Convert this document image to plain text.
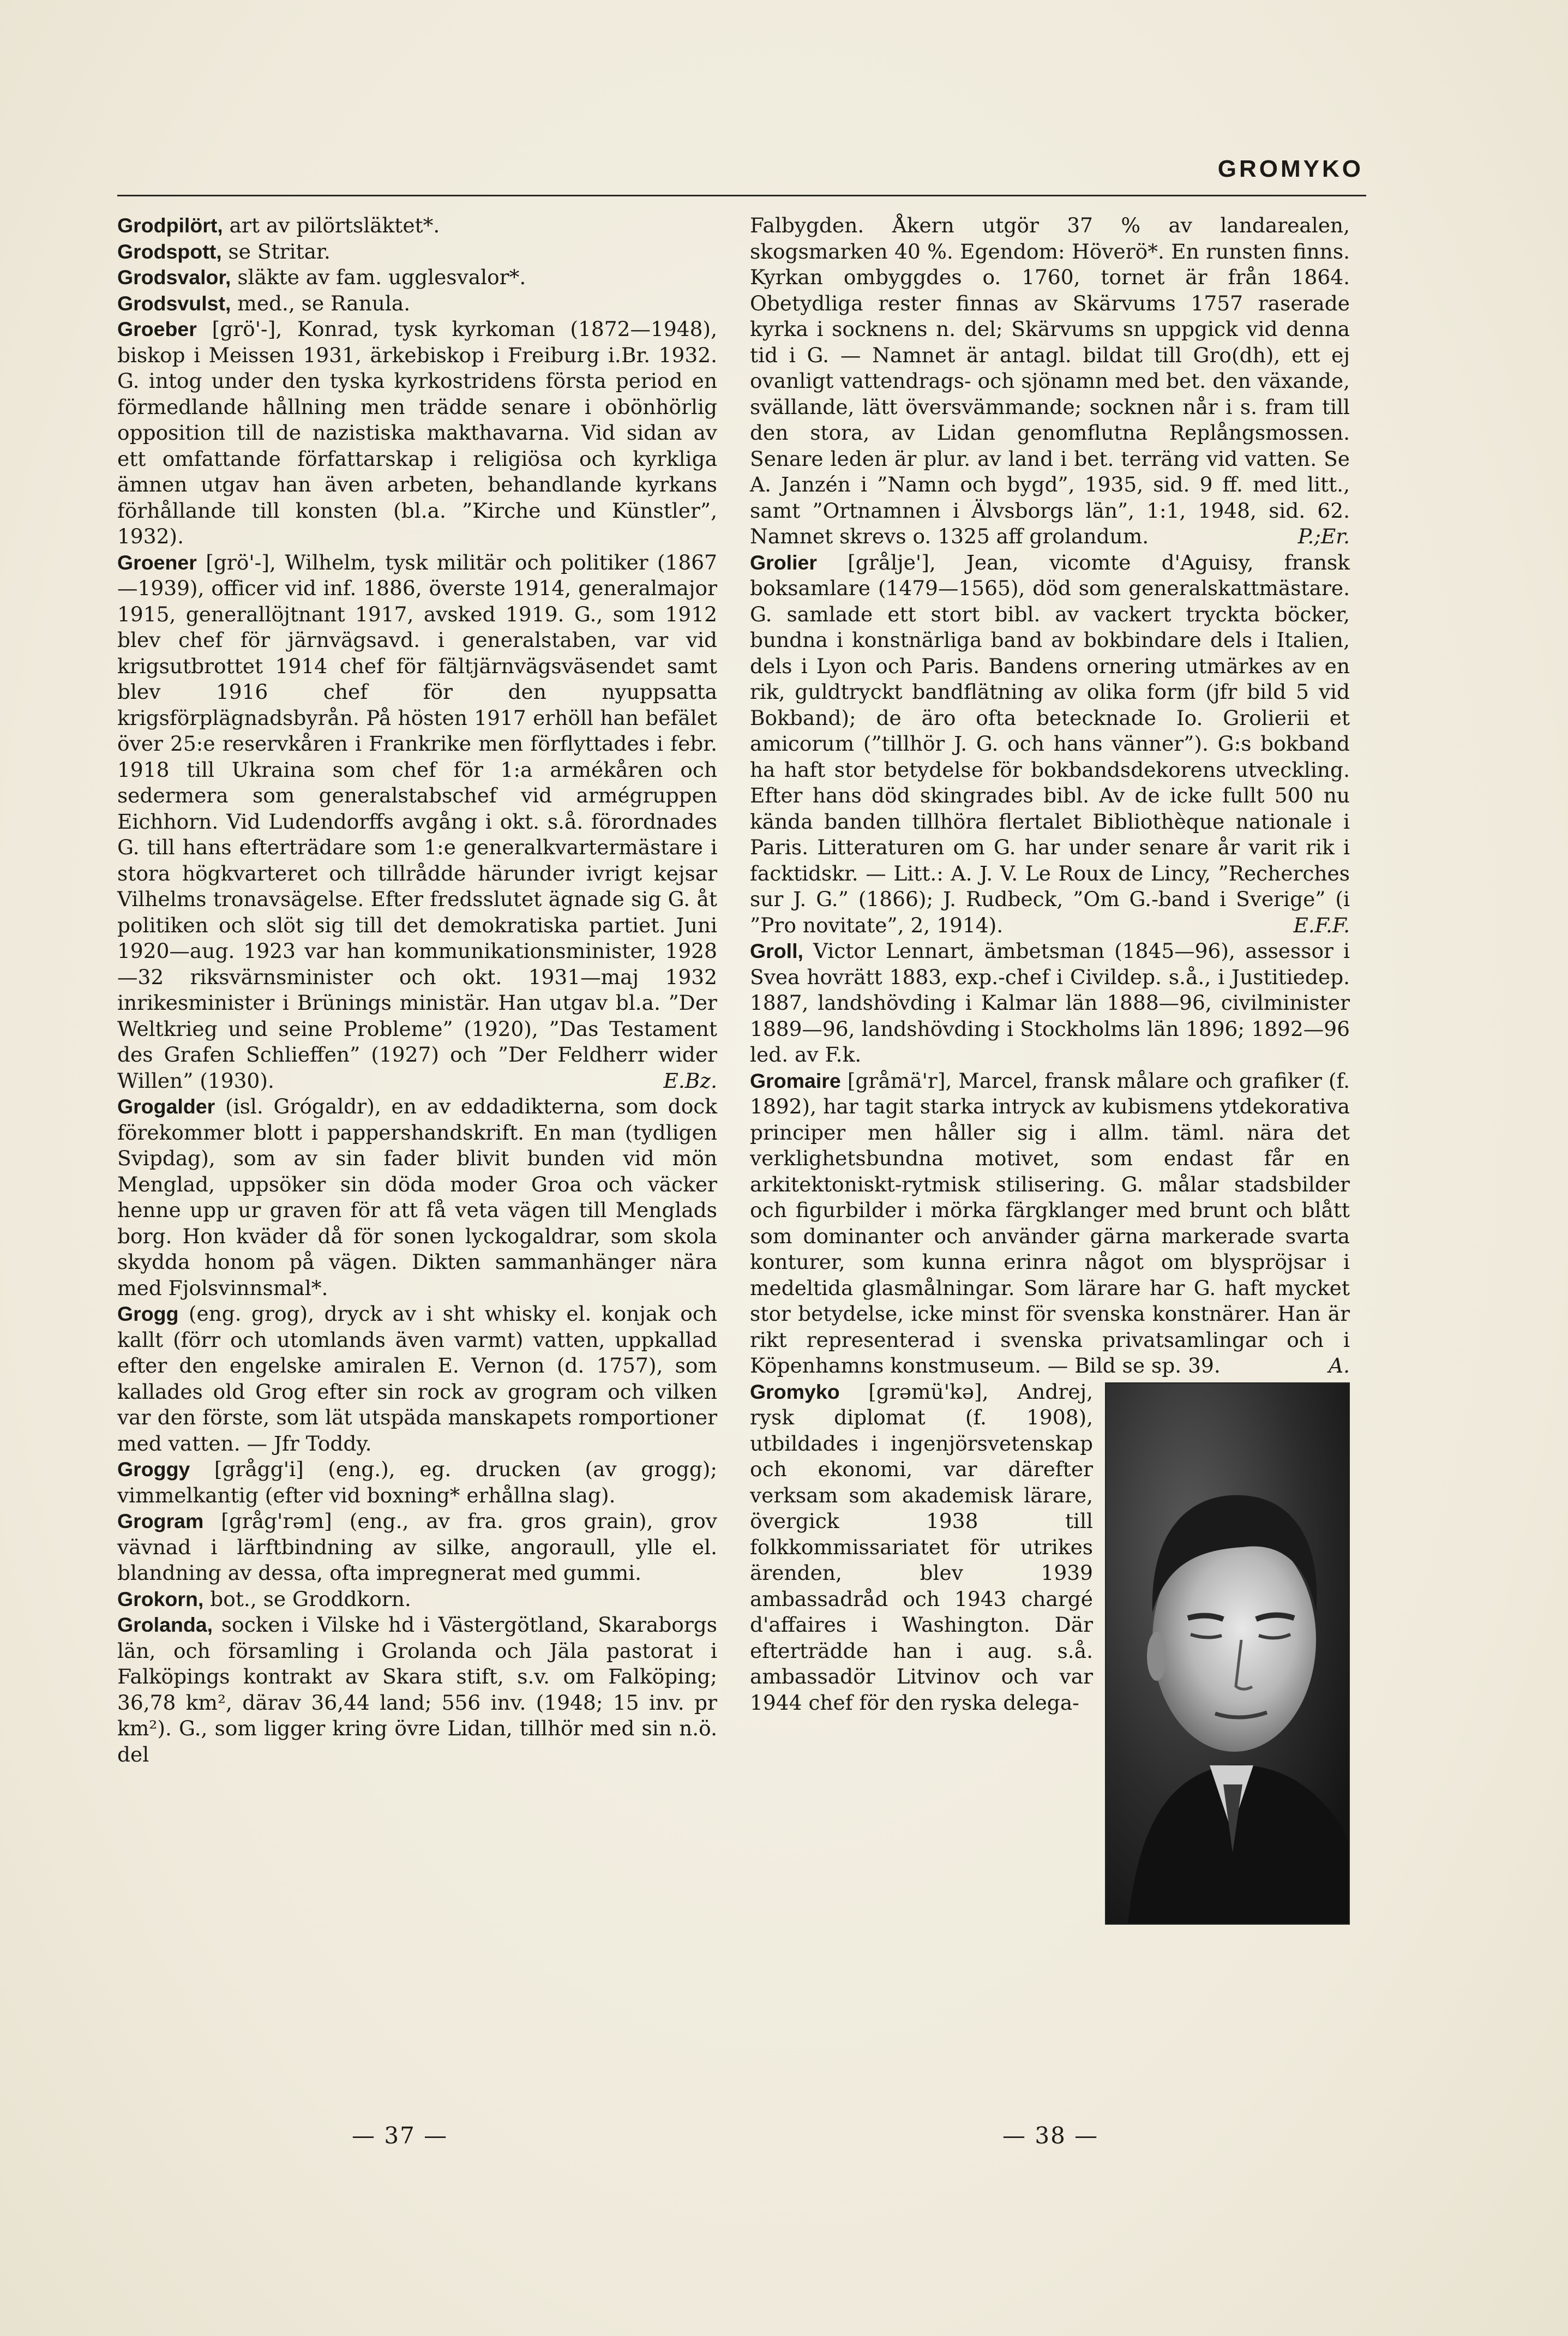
GROMYKO

Grodpilört, art av pilörtsläktet*.

Grodspott, se Stritar.

Grodsvalor, släkte av fam. ugglesvalor*.

Grodsvulst, med., se Ranula.

Groeber [grö'-], Konrad, tysk kyrkoman (1872—1948), biskop i Meissen 1931, ärkebiskop i Freiburg i.Br. 1932. G. intog under den tyska kyrkostridens första period en förmedlande hållning men trädde senare i obönhörlig opposition till de nazistiska makthavarna. Vid sidan av ett omfattande författarskap i religiösa och kyrkliga ämnen utgav han även arbeten, behandlande kyrkans förhållande till konsten (bl.a. ”Kirche und Künstler”, 1932).

Groener [grö'-], Wilhelm, tysk militär och politiker (1867—1939), officer vid inf. 1886, överste 1914, generalmajor 1915, generallöjtnant 1917, avsked 1919. G., som 1912 blev chef för järnvägsavd. i generalstaben, var vid krigsutbrottet 1914 chef för fältjärnvägsväsendet samt blev 1916 chef för den nyuppsatta krigsförplägnadsbyrån. På hösten 1917 erhöll han befälet över 25:e reservkåren i Frankrike men förflyttades i febr. 1918 till Ukraina som chef för 1:a armékåren och sedermera som generalstabschef vid armégruppen Eichhorn. Vid Ludendorffs avgång i okt. s.å. förordnades G. till hans efterträdare som 1:e generalkvartermästare i stora högkvarteret och tillrådde härunder ivrigt kejsar Vilhelms tronavsägelse. Efter fredsslutet ägnade sig G. åt politiken och slöt sig till det demokratiska partiet. Juni 1920—aug. 1923 var han kommunikationsminister, 1928—32 riksvärnsminister och okt. 1931—maj 1932 inrikesminister i Brünings ministär. Han utgav bl.a. ”Der Weltkrieg und seine Probleme” (1920), ”Das Testament des Grafen Schlieffen” (1927) och ”Der Feldherr wider Willen” (1930).	E.Bz.

Grogalder (isl. Grógaldr), en av eddadikterna, som dock förekommer blott i pappershandskrift. En man (tydligen Svipdag), som av sin fader blivit bunden vid mön Menglad, uppsöker sin döda moder Groa och väcker henne upp ur graven för att få veta vägen till Menglads borg. Hon kväder då för sonen lyckogaldrar, som skola skydda honom på vägen. Dikten sammanhänger nära med Fjolsvinnsmal*.

Grogg (eng. grog), dryck av i sht whisky el. konjak och kallt (förr och utomlands även varmt) vatten, uppkallad efter den engelske amiralen E. Vernon (d. 1757), som kallades old Grog efter sin rock av grogram och vilken var den förste, som lät utspäda manskapets romportioner med vatten. — Jfr Toddy.

Groggy [grågg'i] (eng.), eg. drucken (av grogg); vimmelkantig (efter vid boxning* erhållna slag).

Grogram [gråg'rəm] (eng., av fra. gros grain), grov vävnad i lärftbindning av silke, angoraull, ylle el. blandning av dessa, ofta impregnerat med gummi.

Grokorn, bot., se Groddkorn.

Grolanda, socken i Vilske hd i Västergötland, Skaraborgs län, och församling i Grolanda och Jäla pastorat i Falköpings kontrakt av Skara stift, s.v. om Falköping; 36,78 km², därav 36,44 land; 556 inv. (1948; 15 inv. pr km²). G., som ligger kring övre Lidan, tillhör med sin n.ö. del

Falbygden. Åkern utgör 37 % av landarealen, skogsmarken 40 %. Egendom: Höverö*. En runsten finns. Kyrkan ombyggdes o. 1760, tornet är från 1864. Obetydliga rester finnas av Skärvums 1757 raserade kyrka i socknens n. del; Skärvums sn uppgick vid denna tid i G. — Namnet är antagl. bildat till Gro(dh), ett ej ovanligt vattendrags- och sjönamn med bet. den växande, svällande, lätt översvämmande; socknen når i s. fram till den stora, av Lidan genomflutna Replångsmossen. Senare leden är plur. av land i bet. terräng vid vatten. Se A. Janzén i ”Namn och bygd”, 1935, sid. 9 ff. med litt., samt ”Ortnamnen i Älvsborgs län”, 1:1, 1948, sid. 62. Namnet skrevs o. 1325 aff grolandum.	P.;Er.

Grolier [grålje'], Jean, vicomte d'Aguisy, fransk boksamlare (1479—1565), död som generalskattmästare. G. samlade ett stort bibl. av vackert tryckta böcker, bundna i konstnärliga band av bokbindare dels i Italien, dels i Lyon och Paris. Bandens ornering utmärkes av en rik, guldtryckt bandflätning av olika form (jfr bild 5 vid Bokband); de äro ofta betecknade Io. Grolierii et amicorum (”tillhör J. G. och hans vänner”). G:s bokband ha haft stor betydelse för bokbandsdekorens utveckling. Efter hans död skingrades bibl. Av de icke fullt 500 nu kända banden tillhöra flertalet Bibliothèque nationale i Paris. Litteraturen om G. har under senare år varit rik i facktidskr. — Litt.: A. J. V. Le Roux de Lincy, ”Recherches sur J. G.” (1866); J. Rudbeck, ”Om G.-band i Sverige” (i ”Pro novitate”, 2, 1914).	E.F.F.

Groll, Victor Lennart, ämbetsman (1845—96), assessor i Svea hovrätt 1883, exp.-chef i Civildep. s.å., i Justitiedep. 1887, landshövding i Kalmar län 1888—96, civilminister 1889—96, landshövding i Stockholms län 1896; 1892—96 led. av F.k.

Gromaire [gråmä'r], Marcel, fransk målare och grafiker (f. 1892), har tagit starka intryck av kubismens ytdekorativa principer men håller sig i allm. täml. nära det verklighetsbundna motivet, som endast får en arkitektoniskt-rytmisk stilisering. G. målar stadsbilder och figurbilder i mörka färgklanger med brunt och blått som dominanter och använder gärna markerade svarta konturer, som kunna erinra något om blyspröjsar i medeltida glasmålningar. Som lärare har G. haft mycket stor betydelse, icke minst för svenska konstnärer. Han är rikt representerad i svenska privatsamlingar och i Köpenhamns konstmuseum. — Bild se sp. 39.	A.

Gromyko
[grəmü'kə], Andrej, rysk diplomat (f. 1908), utbildades i ingenjörsvetenskap och ekonomi, var därefter verksam som akademisk lärare, övergick 1938 till folkkommissariatet för utrikes ärenden, blev 1939 ambassadråd och 1943 chargé d'affaires i Washington. Där efterträdde han i aug. s.å. ambassadör Litvinov och var 1944 chef för den ryska delega-

— 37 —	— 38 —
